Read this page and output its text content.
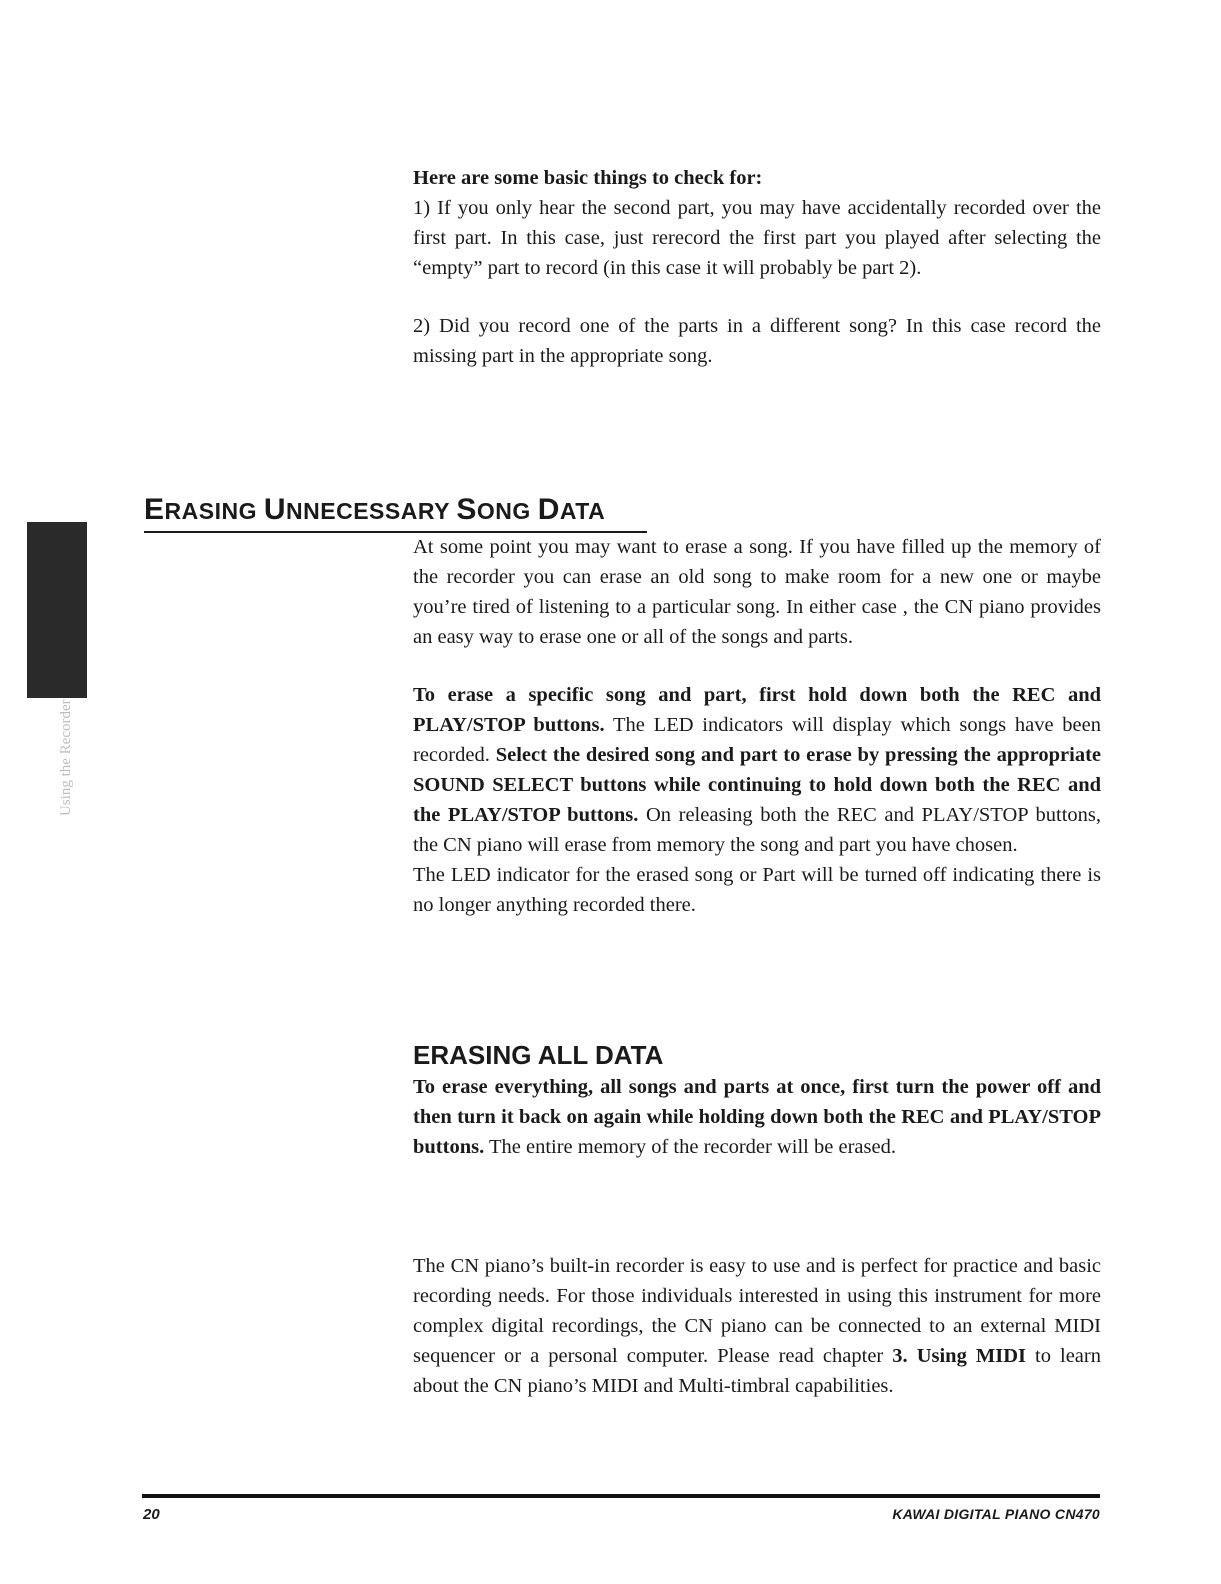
Here are some basic things to check for:

1) If you only hear the second part, you may have accidentally recorded over the first part. In this case, just rerecord the first part you played after selecting the “empty” part to record (in this case it will probably be part 2).

2) Did you record one of the parts in a different song? In this case record the missing part in the appropriate song.

ERASING UNNECESSARY SONG DATA
Using the Recorder

At some point you may want to erase a song. If you have filled up the memory of the recorder you can erase an old song to make room for a new one or maybe you’re tired of listening to a particular song. In either case , the CN piano provides an easy way to erase one or all of the songs and parts.

To erase a specific song and part, first hold down both the REC and PLAY/STOP buttons. The LED indicators will display which songs have been recorded. Select the desired song and part to erase by pressing the appropriate SOUND SELECT buttons while continuing to hold down both the REC and the PLAY/STOP buttons. On releasing both the REC and PLAY/STOP buttons, the CN piano will erase from memory the song and part you have chosen.

The LED indicator for the erased song or Part will be turned off indicating there is no longer anything recorded there.

ERASING ALL DATA

To erase everything, all songs and parts at once, first turn the power off and then turn it back on again while holding down both the REC and PLAY/STOP buttons. The entire memory of the recorder will be erased.

The CN piano’s built-in recorder is easy to use and is perfect for practice and basic recording needs. For those individuals interested in using this instrument for more complex digital recordings, the CN piano can be connected to an external MIDI sequencer or a personal computer. Please read chapter 3. Using MIDI to learn about the CN piano’s MIDI and Multi-timbral capabilities.

20	KAWAI DIGITAL PIANO CN470
